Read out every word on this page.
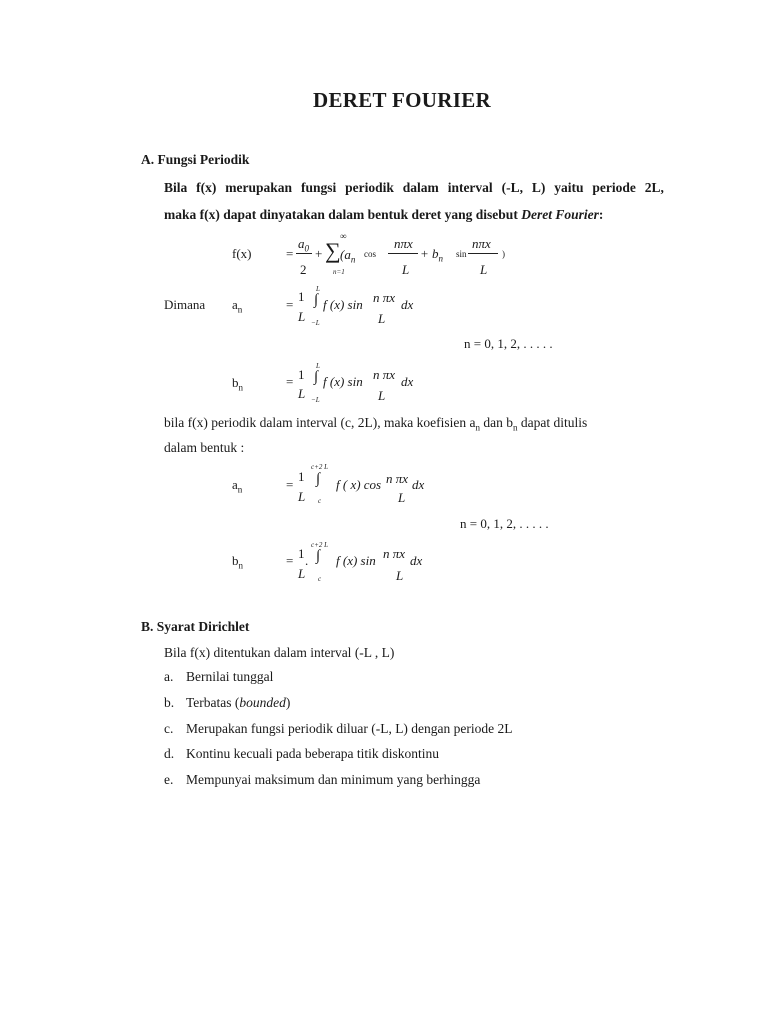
DERET FOURIER
A. Fungsi Periodik
Bila f(x) merupakan fungsi periodik dalam interval (-L, L) yaitu periode 2L,
maka f(x) dapat dinyatakan dalam bentuk deret yang disebut Deret Fourier:
f(x)	=
$a_0$
2
+ ∑
∞
n=1
($a_n$
cos
nπx
L
+ $b_n$ sin
nπx
L
)
Dimana $a_n$	=
1
L
L
∫
−L
f (x) sin n πx dx
L
n = 0, 1, 2, . . . . .
$b_n$	= 1
L
L
∫
−L
f (x) sin n πx dx
L
bila f(x) periodik dalam interval (c, 2L), maka koefisien $a_n$ dan $b_n$ dapat ditulis
dalam bentuk :
$a_n$	=
1
L
c+2 L
∫
c
f ( x) cos n πx dx
L
n = 0, 1, 2, . . . . .
$b_n$	= 1 .
L
c+2 L
∫
c
f (x) sin n πx dx
L
B. Syarat Dirichlet
Bila f(x) ditentukan dalam interval (-L , L)
a. Bernilai tunggal
b. Terbatas (bounded)
c. Merupakan fungsi periodik diluar (-L, L) dengan periode 2L
d. Kontinu kecuali pada beberapa titik diskontinu
e. Mempunyai maksimum dan minimum yang berhingga
